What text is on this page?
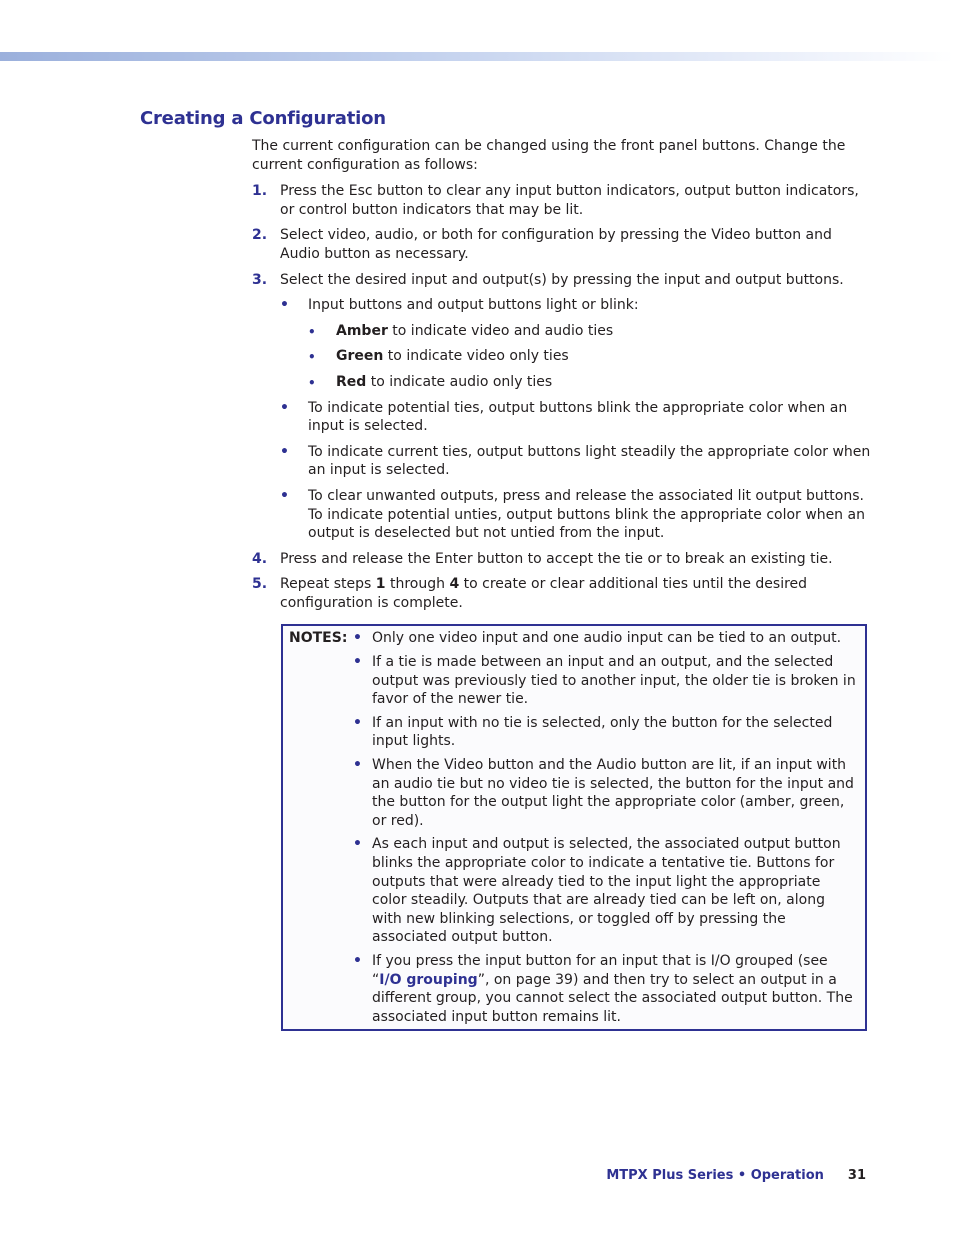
Creating a Configuration

The current configuration can be changed using the front panel buttons. Change the current configuration as follows:

1. Press the Esc button to clear any input button indicators, output button indicators, or control button indicators that may be lit.
2. Select video, audio, or both for configuration by pressing the Video button and Audio button as necessary.
3. Select the desired input and output(s) by pressing the input and output buttons.
• Input buttons and output buttons light or blink:
• Amber to indicate video and audio ties
• Green to indicate video only ties
• Red to indicate audio only ties
• To indicate potential ties, output buttons blink the appropriate color when an input is selected.
• To indicate current ties, output buttons light steadily the appropriate color when an input is selected.
• To clear unwanted outputs, press and release the associated lit output buttons. To indicate potential unties, output buttons blink the appropriate color when an output is deselected but not untied from the input.
4. Press and release the Enter button to accept the tie or to break an existing tie.
5. Repeat steps 1 through 4 to create or clear additional ties until the desired configuration is complete.
NOTES: • Only one video input and one audio input can be tied to an output.
• If a tie is made between an input and an output, and the selected output was previously tied to another input, the older tie is broken in favor of the newer tie.
• If an input with no tie is selected, only the button for the selected input lights.
• When the Video button and the Audio button are lit, if an input with an audio tie but no video tie is selected, the button for the input and the button for the output light the appropriate color (amber, green, or red).
• As each input and output is selected, the associated output button blinks the appropriate color to indicate a tentative tie. Buttons for outputs that were already tied to the input light the appropriate color steadily. Outputs that are already tied can be left on, along with new blinking selections, or toggled off by pressing the associated output button.
• If you press the input button for an input that is I/O grouped (see “I/O grouping”, on page 39) and then try to select an output in a different group, you cannot select the associated output button. The associated input button remains lit.
MTPX Plus Series • Operation 31
